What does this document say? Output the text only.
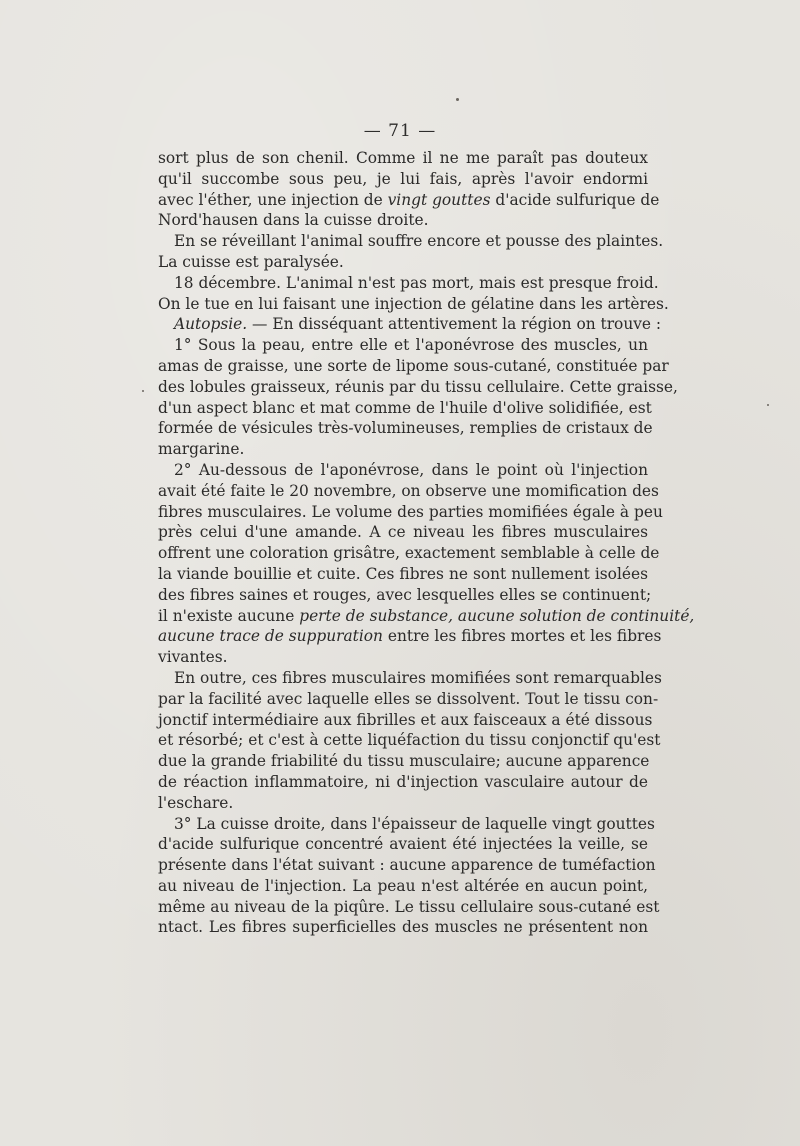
— 71 —
sort plus de son chenil. Comme il ne me paraît pas douteux
qu'il succombe sous peu, je lui fais, après l'avoir endormi
avec l'éther, une injection de vingt gouttes d'acide sulfurique de
Nord'hausen dans la cuisse droite.
En se réveillant l'animal souffre encore et pousse des plaintes.
La cuisse est paralysée.
18 décembre. L'animal n'est pas mort, mais est presque froid.
On le tue en lui faisant une injection de gélatine dans les artères.
Autopsie. — En disséquant attentivement la région on trouve :
1° Sous la peau, entre elle et l'aponévrose des muscles, un
amas de graisse, une sorte de lipome sous-cutané, constituée par
des lobules graisseux, réunis par du tissu cellulaire. Cette graisse,
d'un aspect blanc et mat comme de l'huile d'olive solidifiée, est
formée de vésicules très-volumineuses, remplies de cristaux de
margarine.
2° Au-dessous de l'aponévrose, dans le point où l'injection
avait été faite le 20 novembre, on observe une momification des
fibres musculaires. Le volume des parties momifiées égale à peu
près celui d'une amande. A ce niveau les fibres musculaires
offrent une coloration grisâtre, exactement semblable à celle de
la viande bouillie et cuite. Ces fibres ne sont nullement isolées
des fibres saines et rouges, avec lesquelles elles se continuent;
il n'existe aucune perte de substance, aucune solution de continuité,
aucune trace de suppuration entre les fibres mortes et les fibres
vivantes.
En outre, ces fibres musculaires momifiées sont remarquables
par la facilité avec laquelle elles se dissolvent. Tout le tissu con-
jonctif intermédiaire aux fibrilles et aux faisceaux a été dissous
et résorbé; et c'est à cette liquéfaction du tissu conjonctif qu'est
due la grande friabilité du tissu musculaire; aucune apparence
de réaction inflammatoire, ni d'injection vasculaire autour de
l'eschare.
3° La cuisse droite, dans l'épaisseur de laquelle vingt gouttes
d'acide sulfurique concentré avaient été injectées la veille, se
présente dans l'état suivant : aucune apparence de tuméfaction
au niveau de l'injection. La peau n'est altérée en aucun point,
même au niveau de la piqûre. Le tissu cellulaire sous-cutané est
ntact. Les fibres superficielles des muscles ne présentent non
